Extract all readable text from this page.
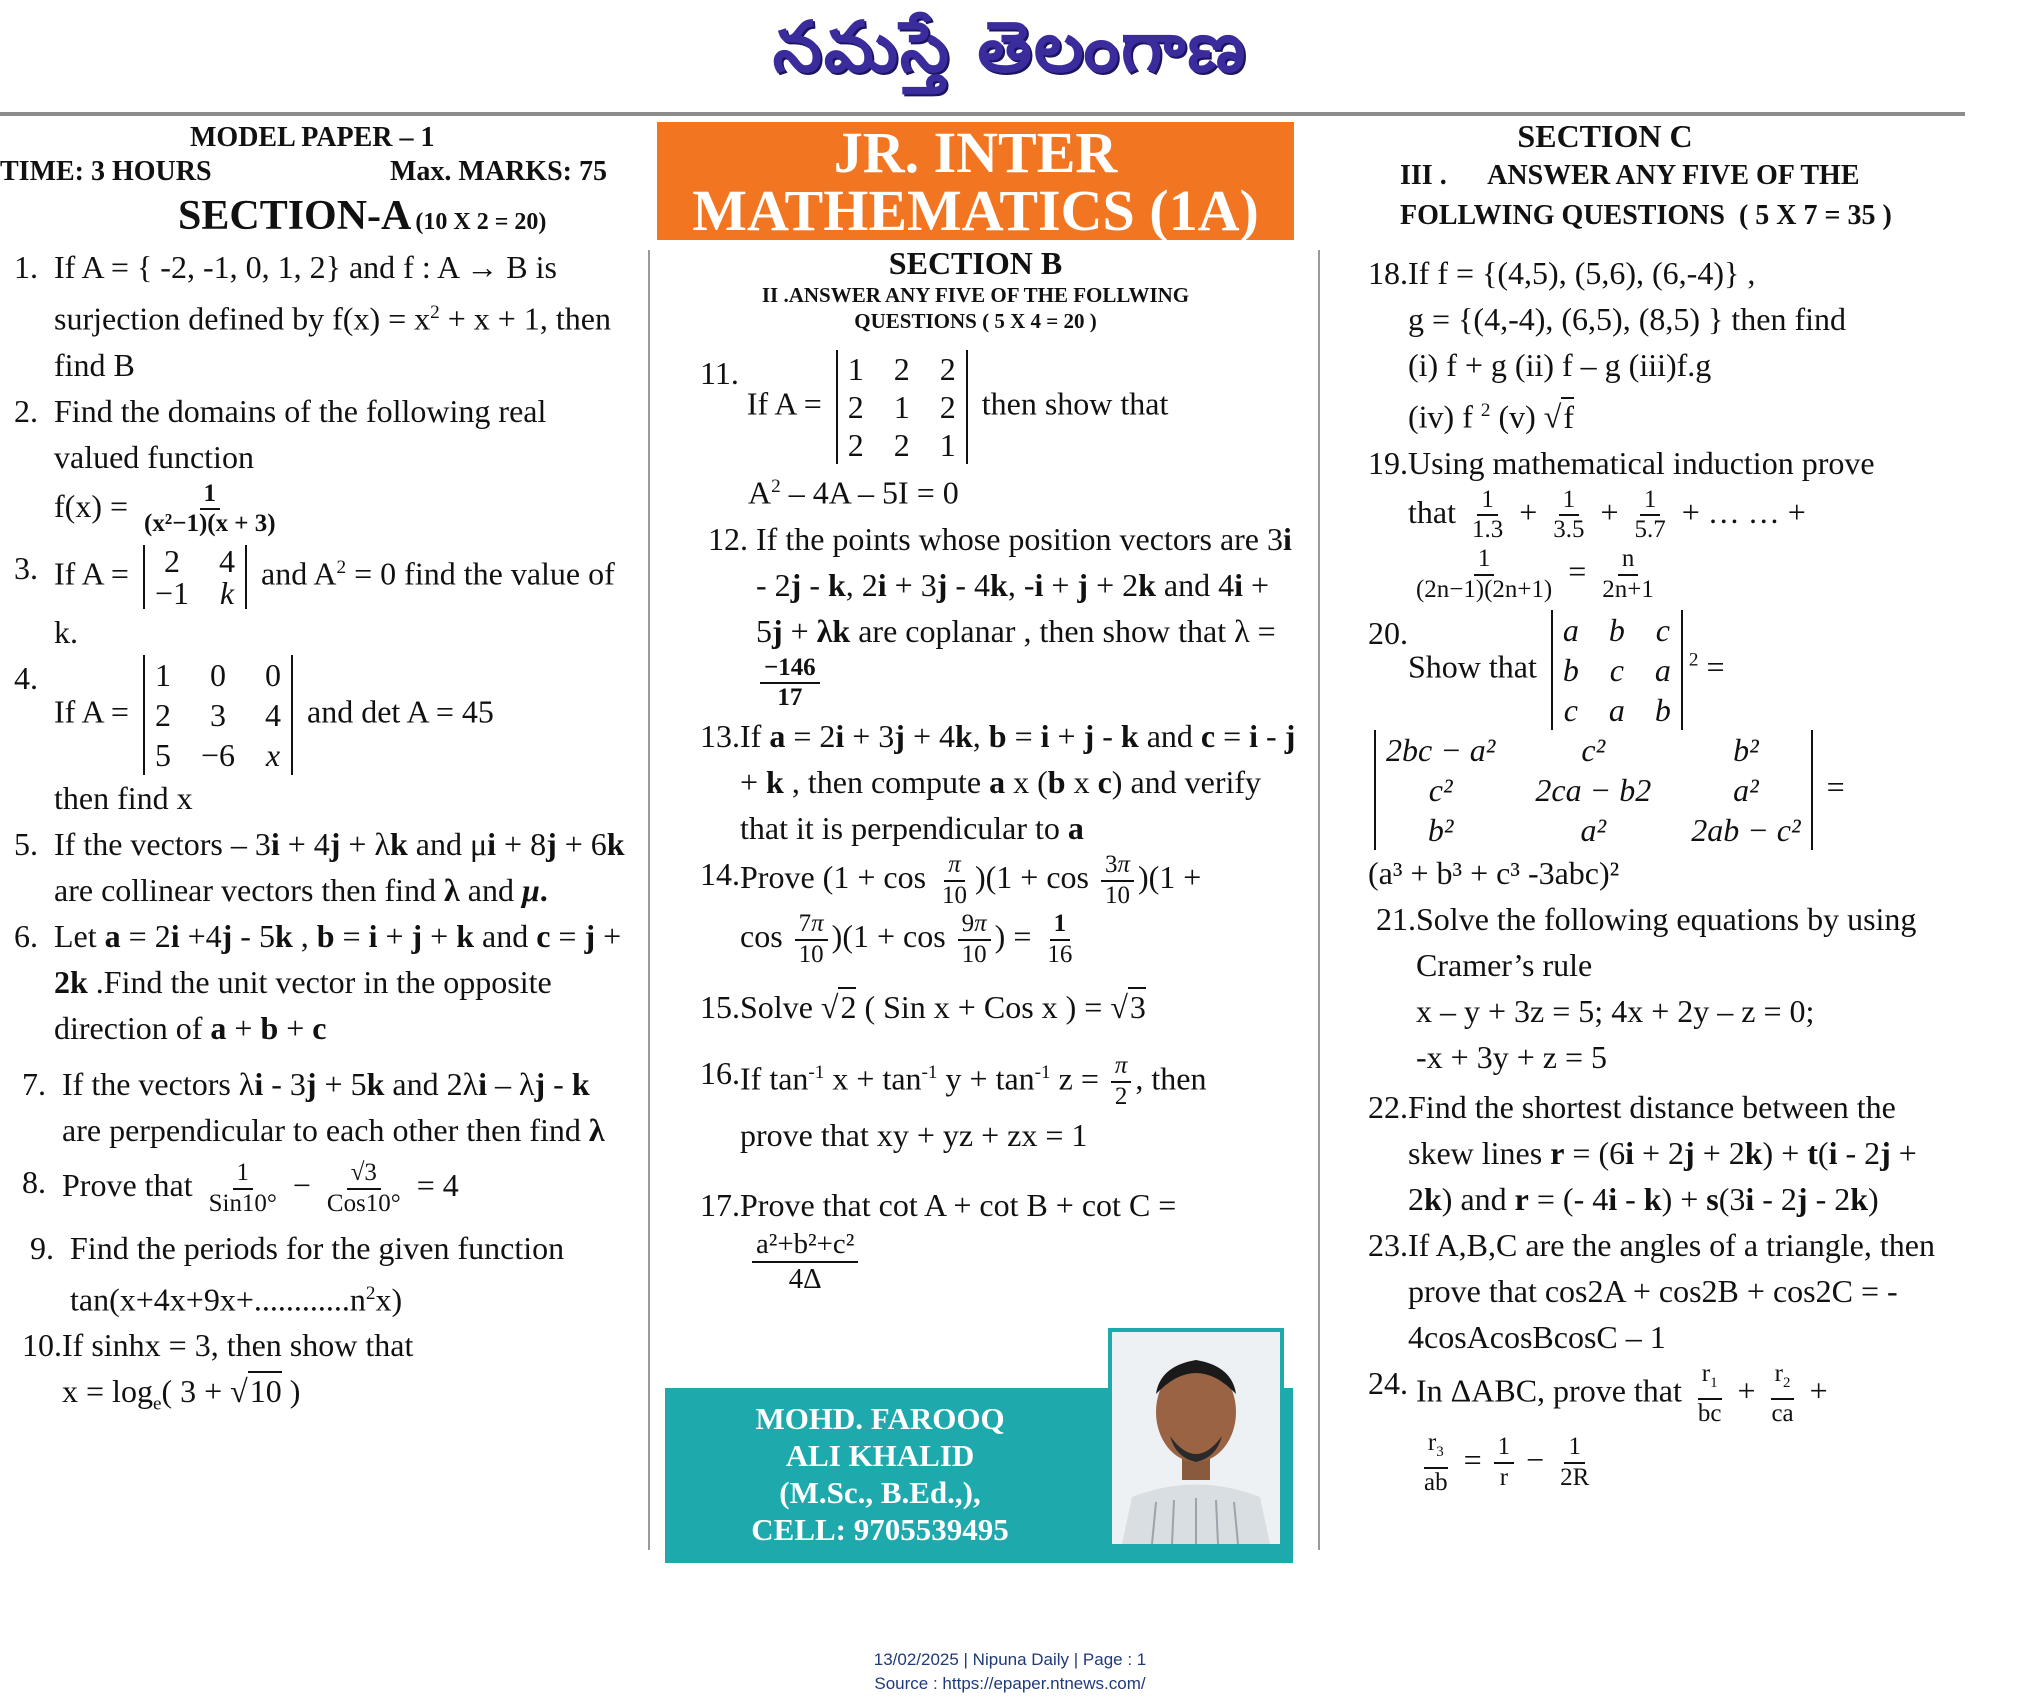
నమస్తే తెలంగాణ
MODEL PAPER – 1
TIME: 3 HOURS	Max. MARKS: 75
SECTION-A (10 X 2 = 20)
1. If A = { -2, -1, 0, 1, 2} and f : A → B is surjection defined by $f(x) = x^2 + x + 1$, then find B
2. Find the domains of the following real valued function
$f(x) = \frac{1}{\text{(x²−1)(x + 3)}}$
3. If A = 2 4
−1 k
and $A^2 = 0$ find the value of k.
4.
If A =
1 0 0
2 3 4
5 −6 x
and det A = 45
then find x
5. If the vectors – 3i + 4j + λk and μi + 8j + 6k are collinear vectors then find λ and μ.
6. Let a = 2i +4j - 5k , b = i + j + k and c = j + 2k .Find the unit vector in the opposite direction of a + b + c
7. If the vectors λi - 3j + 5k and 2λi – λj - k are perpendicular to each other then find λ
8. Prove that $\frac{1}{\text{Sin10°}} - \frac{√3}{\text{Cos10°}} = 4$
9. Find the periods for the given function $\tan(x+4x+9x+............n^2x)$
10. If sinhx = 3, then show that
$x = \log_e$( 3 + √10 )
JR. INTER
MATHEMATICS (1A)
SECTION B
II .ANSWER ANY FIVE OF THE FOLLWING
QUESTIONS ( 5 X 4 = 20 )
11.
If A =
1 2 2
2 1 2
2 2 1
then show that
$A^2 - 4A - 5I = 0$
12. If the points whose position vectors are 3i - 2j - k, 2i + 3j - 4k, -i + j + 2k and 4i + 5j + λk are coplanar , then show that λ =
$\frac{-146}{17}$
13. If a = 2i + 3j + 4k, b = i + j - k and c = i - j + k , then compute a x (b x c) and verify that it is perpendicular to a
14. Prove $(1 + \cos \frac{\pi}{10} )(1 + \cos \frac{3\pi}{10} )(1$ +
$\cos \frac{7\pi}{10} )(1 + \cos \frac{9\pi}{10}$ ) = $\frac{1}{16}$
15. Solve √2 ( Sin x + Cos x ) = √3
16. If $\tan^{-1} x + \tan^{-1} y + \tan^{-1} z = \frac{\pi}{2}$ , then
prove that xy + yz + zx = 1
17. Prove that cot A + cot B + cot C =
$\frac{\text{a²+b²+c²}}{4\Delta}$
MOHD. FAROOQ
ALI KHALID
(M.Sc., B.Ed.,),
CELL: 9705539495
SECTION C
III .      ANSWER ANY FIVE OF THE
FOLLWING QUESTIONS  ( 5 X 7 = 35 )
18. If f = {(4,5), (5,6), (6,-4)} ,
g = {(4,-4), (6,5), (8,5) } then find
(i) f + g (ii) f – g (iii)f.g
(iv) f $^2$ (v) √f
19. Using mathematical induction prove
that $\frac{1}{1.3} + \frac{1}{3.5} + \frac{1}{5.7}$ + … … +

$\frac{1}{(2n-1)(2n+1)} = \frac{n}{2n+1}$
20.
Show that
a b c
b c a
c a b
$^2$ =
2bc − a²	c²	b²
c²	2ca − b2	a²
b²	a²	2ab − c²
=
(a³ + b³ + c³ -3abc)²
21. Solve the following equations by using Cramer’s rule
x – y + 3z = 5; 4x + 2y – z = 0;
-x + 3y + z = 5
22. Find the shortest distance between the skew lines r = (6i + 2j + 2k) + t(i - 2j + 2k) and r = (- 4i - k) + s(3i - 2j - 2k)
23. If A,B,C are the angles of a triangle, then prove that cos2A + cos2B + cos2C = - 4cosAcosBcosC – 1
24. In ΔABC, prove that $\frac{r_1}{bc} + \frac{r_2}{ca}$ +

$\frac{r_3}{ab} = \frac{1}{r} - \frac{1}{2R}$
13/02/2025 | Nipuna Daily | Page : 1
Source : https://epaper.ntnews.com/
